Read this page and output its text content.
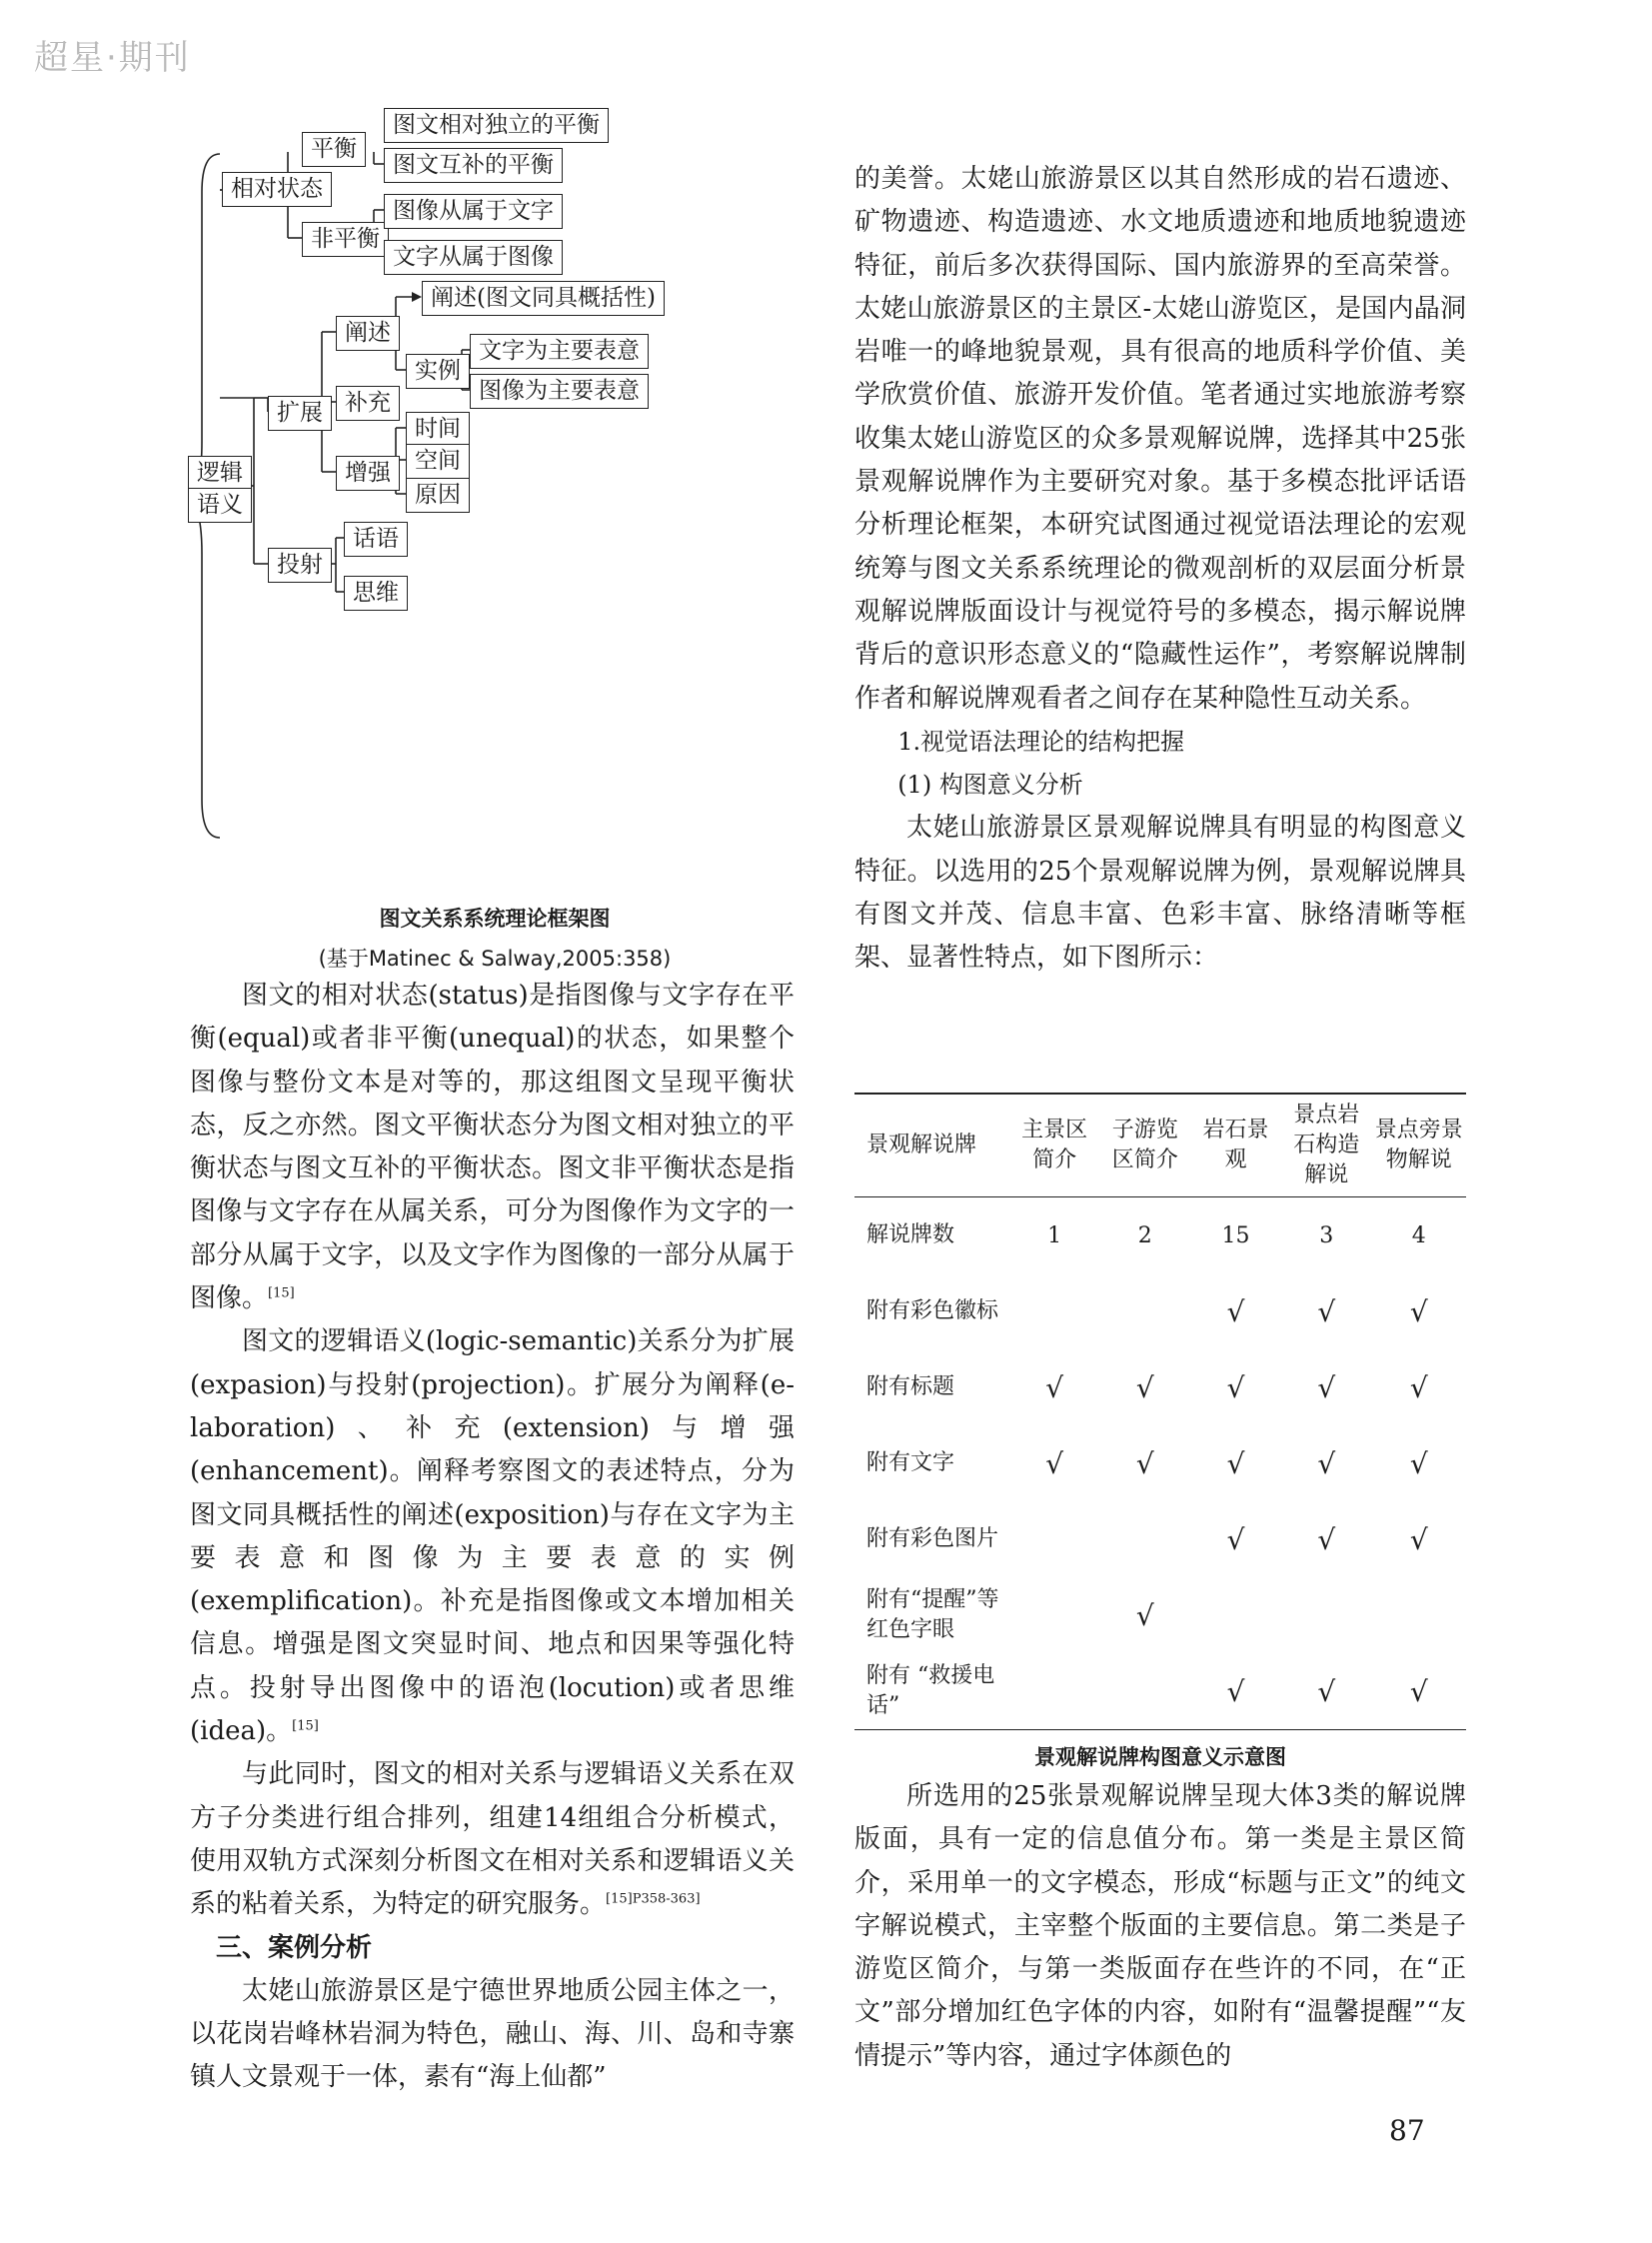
超星·期刊
相对状态
平衡
图文相对独立的平衡
图文互补的平衡
非平衡
图像从属于文字
文字从属于图像
逻辑
语义
扩展
阐述
阐述(图文同具概括性)
实例
文字为主要表意
图像为主要表意
补充
增强
时间
空间
原因
投射
话语
思维
图文关系系统理论框架图
(基于Matinec & Salway,2005:358)

图文的相对状态(status)是指图像与文字存在平衡(equal)或者非平衡(unequal)的状态，如果整个图像与整份文本是对等的，那这组图文呈现平衡状态，反之亦然。图文平衡状态分为图文相对独立的平衡状态与图文互补的平衡状态。图文非平衡状态是指图像与文字存在从属关系，可分为图像作为文字的一部分从属于文字，以及文字作为图像的一部分从属于图像。[15]

图文的逻辑语义(logic-semantic)关系分为扩展(expasion)与投射(projection)。扩展分为阐释(e-laboration)、补充(extension)与增强(enhancement)。阐释考察图文的表述特点，分为图文同具概括性的阐述(exposition)与存在文字为主要表意和图像为主要表意的实例(exemplification)。补充是指图像或文本增加相关信息。增强是图文突显时间、地点和因果等强化特点。投射导出图像中的语泡(locution)或者思维(idea)。[15]

与此同时，图文的相对关系与逻辑语义关系在双方子分类进行组合排列，组建14组组合分析模式，使用双轨方式深刻分析图文在相对关系和逻辑语义关系的粘着关系，为特定的研究服务。[15]P358-363]

三、案例分析

太姥山旅游景区是宁德世界地质公园主体之一，以花岗岩峰林岩洞为特色，融山、海、川、岛和寺寨镇人文景观于一体，素有“海上仙都”

的美誉。太姥山旅游景区以其自然形成的岩石遗迹、矿物遗迹、构造遗迹、水文地质遗迹和地质地貌遗迹特征，前后多次获得国际、国内旅游界的至高荣誉。太姥山旅游景区的主景区-太姥山游览区，是国内晶洞岩唯一的峰地貌景观，具有很高的地质科学价值、美学欣赏价值、旅游开发价值。笔者通过实地旅游考察收集太姥山游览区的众多景观解说牌，选择其中25张景观解说牌作为主要研究对象。基于多模态批评话语分析理论框架，本研究试图通过视觉语法理论的宏观统筹与图文关系系统理论的微观剖析的双层面分析景观解说牌版面设计与视觉符号的多模态，揭示解说牌背后的意识形态意义的“隐藏性运作”，考察解说牌制作者和解说牌观看者之间存在某种隐性互动关系。

1.视觉语法理论的结构把握

(1) 构图意义分析

太姥山旅游景区景观解说牌具有明显的构图意义特征。以选用的25个景观解说牌为例，景观解说牌具有图文并茂、信息丰富、色彩丰富、脉络清晰等框架、显著性特点，如下图所示：

景观解说牌	主景区简介	子游览区简介	岩石景观	景点岩石构造解说	景点旁景物解说
解说牌数	1	2	15	3	4
附有彩色徽标			√	√	√
附有标题	√	√	√	√	√
附有文字	√	√	√	√	√
附有彩色图片			√	√	√
附有“提醒”等红色字眼		√			
附有 “救援电话”			√	√	√
景观解说牌构图意义示意图

所选用的25张景观解说牌呈现大体3类的解说牌版面，具有一定的信息值分布。第一类是主景区简介，采用单一的文字模态，形成“标题与正文”的纯文字解说模式，主宰整个版面的主要信息。第二类是子游览区简介，与第一类版面存在些许的不同，在“正文”部分增加红色字体的内容，如附有“温馨提醒”“友情提示”等内容，通过字体颜色的

87
